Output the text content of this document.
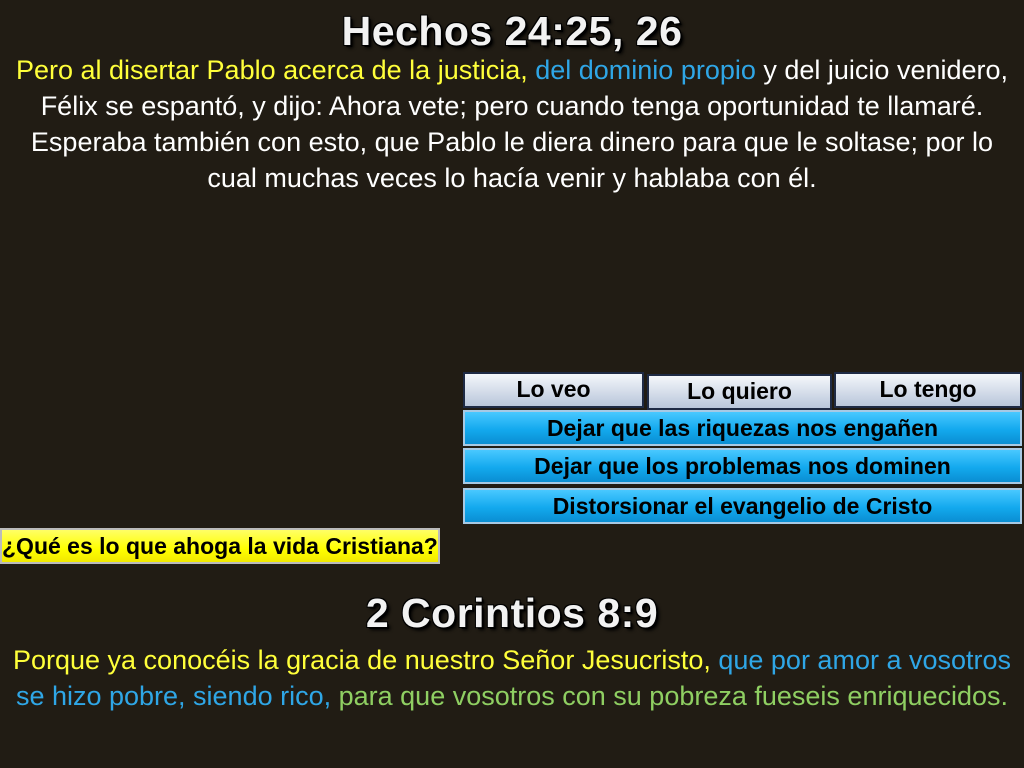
Hechos 24:25, 26
Pero al disertar Pablo acerca de la justicia, del dominio propio y del juicio venidero, Félix se espantó, y dijo: Ahora vete; pero cuando tenga oportunidad te llamaré. Esperaba también con esto, que Pablo le diera dinero para que le soltase; por lo cual muchas veces lo hacía venir y hablaba con él.
Lo veo	Lo quiero	Lo tengo
Dejar que las riquezas nos engañen
Dejar que los problemas nos dominen
Distorsionar el evangelio de Cristo
¿Qué es lo que ahoga la vida Cristiana?
2 Corintios 8:9
Porque ya conocéis la gracia de nuestro Señor Jesucristo, que por amor a vosotros se hizo pobre, siendo rico, para que vosotros con su pobreza fueseis enriquecidos.
